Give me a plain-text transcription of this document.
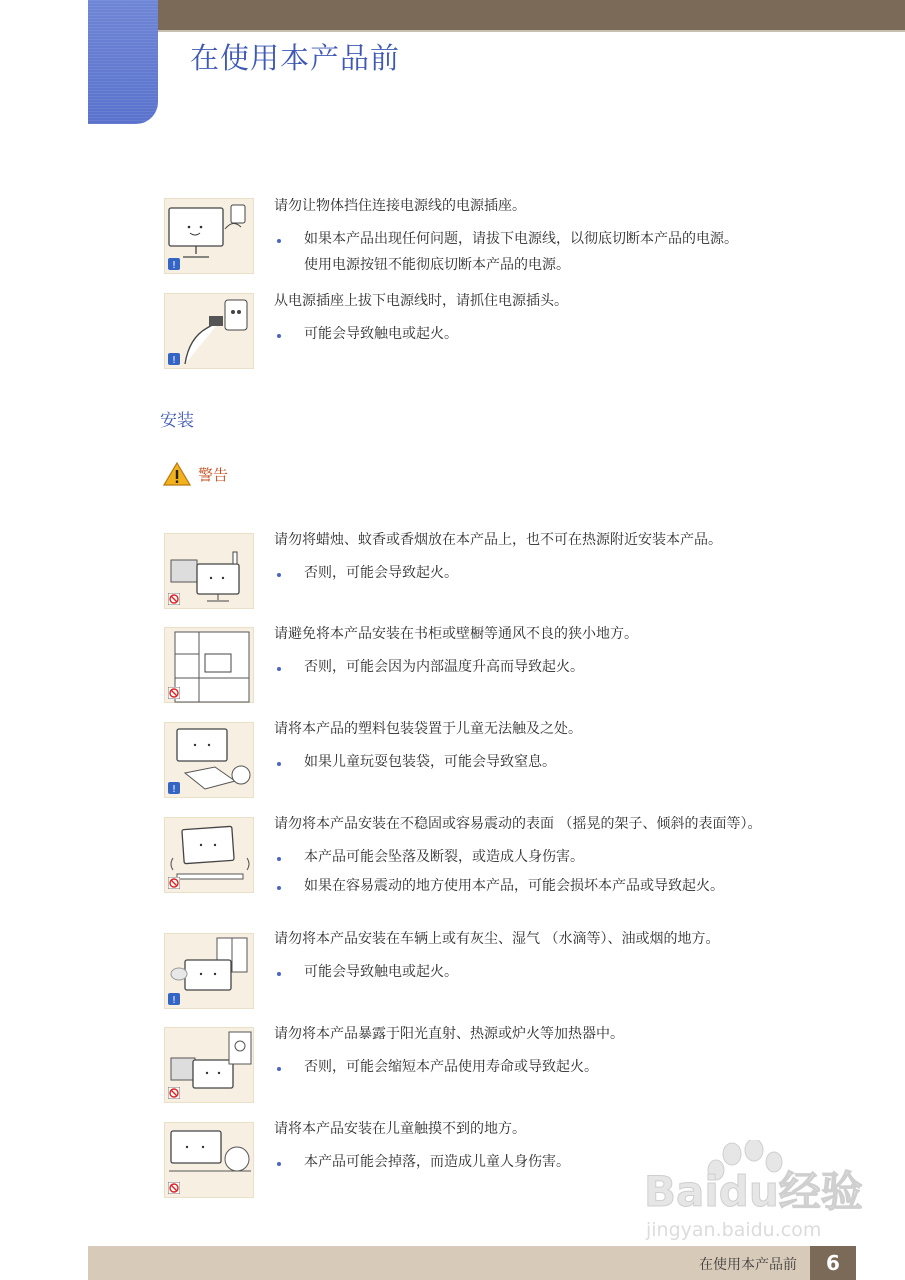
在使用本产品前
!

请勿让物体挡住连接电源线的电源插座。

如果本产品出现任何问题，请拔下电源线，以彻底切断本产品的电源。
使用电源按钮不能彻底切断本产品的电源。
!

从电源插座上拔下电源线时，请抓住电源插头。

可能会导致触电或起火。
安装
警告

请勿将蜡烛、蚊香或香烟放在本产品上，也不可在热源附近安装本产品。

否则，可能会导致起火。

请避免将本产品安装在书柜或壁橱等通风不良的狭小地方。

否则，可能会因为内部温度升高而导致起火。
!

请将本产品的塑料包装袋置于儿童无法触及之处。

如果儿童玩耍包装袋，可能会导致窒息。

请勿将本产品安装在不稳固或容易震动的表面 （摇晃的架子、倾斜的表面等）。

本产品可能会坠落及断裂，或造成人身伤害。
如果在容易震动的地方使用本产品，可能会损坏本产品或导致起火。
!

请勿将本产品安装在车辆上或有灰尘、湿气 （水滴等）、油或烟的地方。

可能会导致触电或起火。

请勿将本产品暴露于阳光直射、热源或炉火等加热器中。

否则，可能会缩短本产品使用寿命或导致起火。

请将本产品安装在儿童触摸不到的地方。

本产品可能会掉落，而造成儿童人身伤害。
Baidu经验
jingyan.baidu.com
在使用本产品前	6
